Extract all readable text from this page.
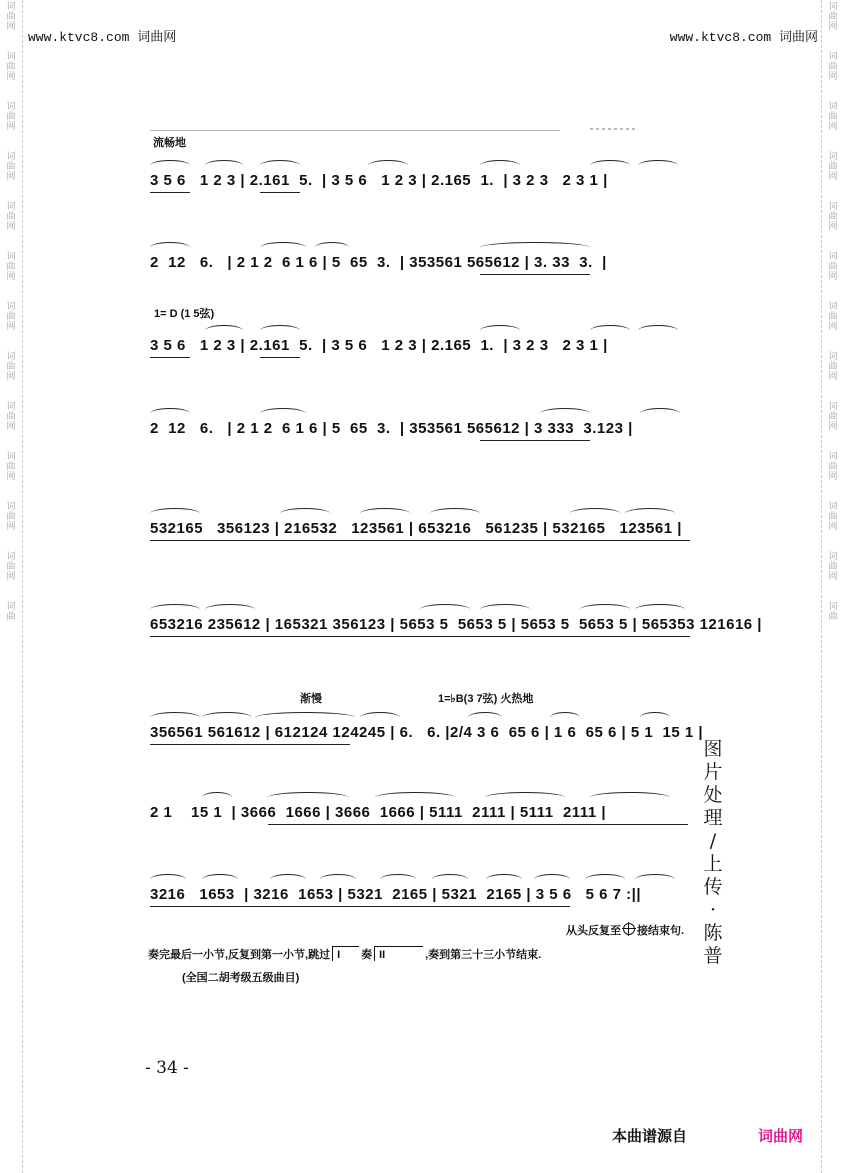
词
曲
网
词
曲
网
词
曲
网
词
曲
网
词
曲
网
词
曲
网
词
曲
网
词
曲
网
词
曲
网
词
曲
网
词
曲
网
词
曲
网
词
曲
词
曲
网
词
曲
网
词
曲
网
词
曲
网
词
曲
网
词
曲
网
词
曲
网
词
曲
网
词
曲
网
词
曲
网
词
曲
网
词
曲
网
词
曲
www.ktvc8.com 词曲网	www.ktvc8.com 词曲网
流畅地
3 5 6   1 2 3 | 2.161  5.  | 3 5 6   1 2 3 | 2.165  1.  | 3 2 3   2 3 1 |
2  12   6.   | 2 1 2  6 1 6 | 5  65  3.  | 353561 565612 | 3. 33  3.  |
1= D (1 5弦)
3 5 6   1 2 3 | 2.161  5.  | 3 5 6   1 2 3 | 2.165  1.  | 3 2 3   2 3 1 |
2  12   6.   | 2 1 2  6 1 6 | 5  65  3.  | 353561 565612 | 3 333  3.123 |
532165   356123 | 216532   123561 | 653216   561235 | 532165   123561 |
653216 235612 | 165321 356123 | 5653 5  5653 5 | 5653 5  5653 5 | 565353 121616 |
渐慢	1=♭B(3 7弦) 火热地
356561 561612 | 612124 124245 | 6.   6. |2/4 3 6  65 6 | 1 6  65 6 | 5 1  15 1 |
2 1    15 1  | 3666  1666 | 3666  1666 | 5111  2111 | 5111  2111 |
3216   1653  | 3216  1653 | 5321  2165 | 5321  2165 | 3 5 6   5 6 7 :||
图
片
处
理
/
上
传
·
陈
普
从头反复至 接结束句.
奏完最后一小节,反复到第一小节,跳过 I 奏 II	,奏到第三十三小节结束.
(全国二胡考级五级曲目)
- 34 -
本曲谱源自	词曲网
